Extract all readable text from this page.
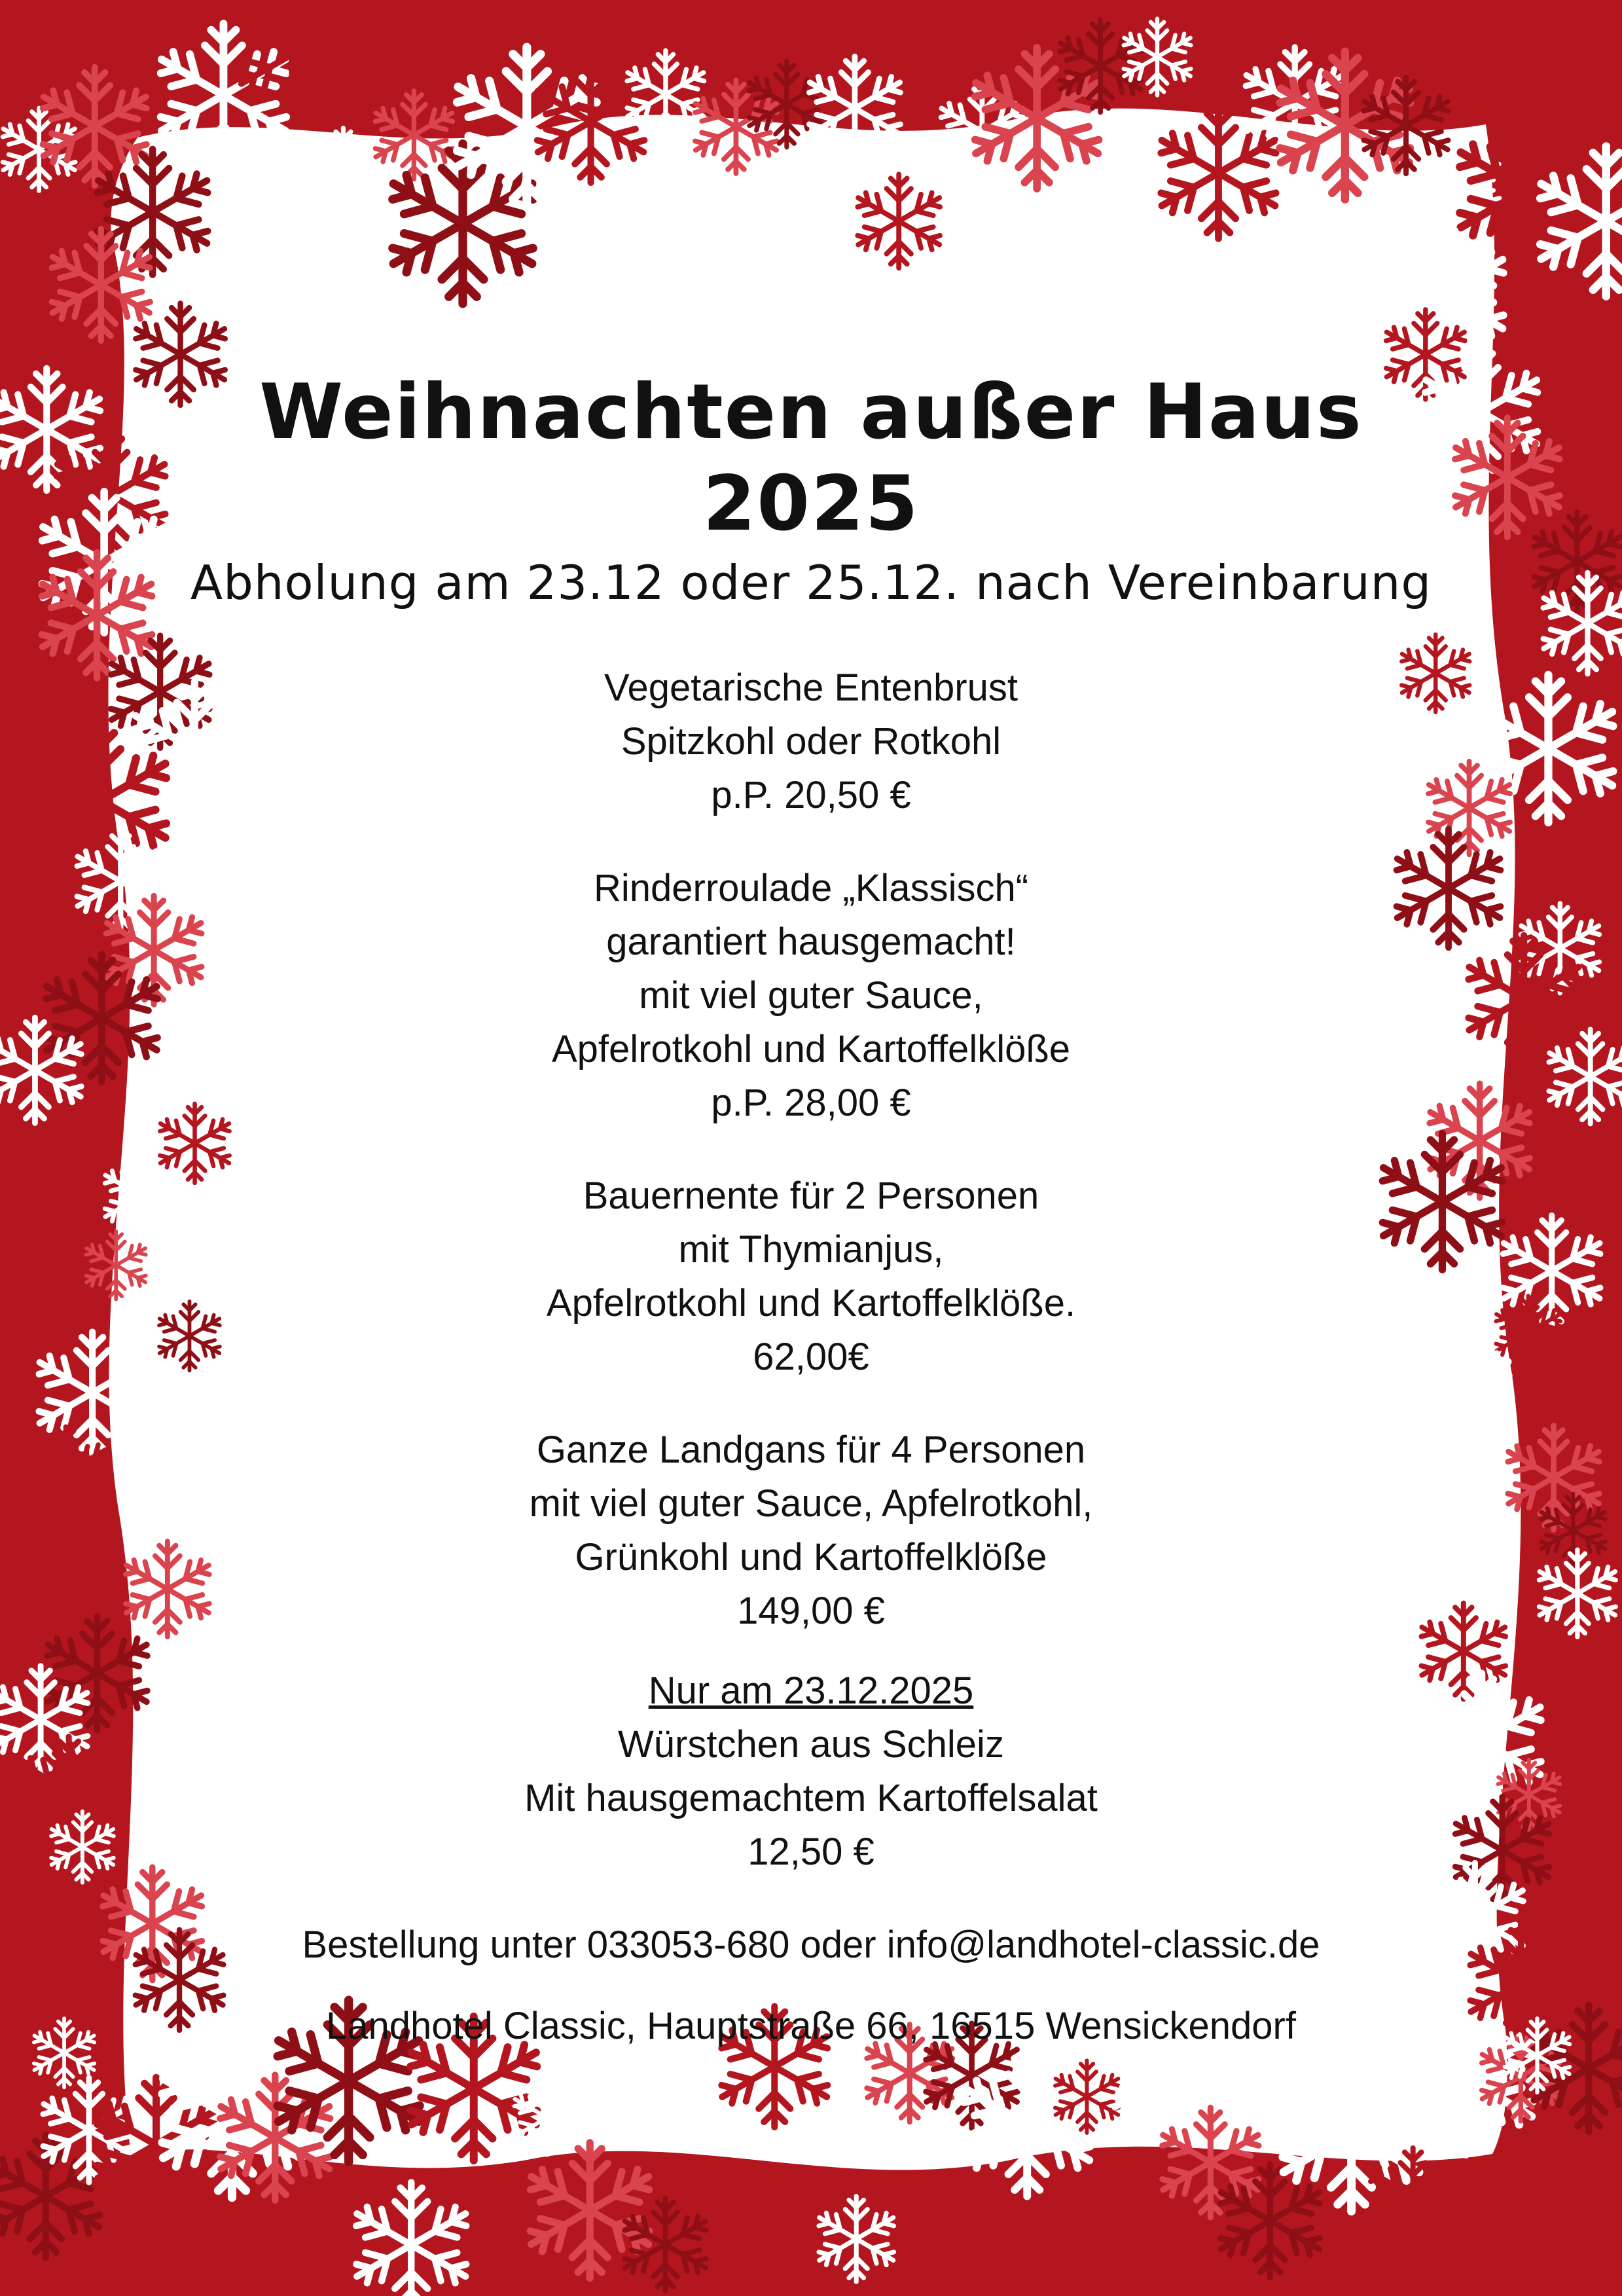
Weihnachten außer Haus 2025

Abholung am 23.12 oder 25.12. nach Vereinbarung

Vegetarische Entenbrust
Spitzkohl oder Rotkohl
p.P. 20,50 €

Rinderroulade „Klassisch“
garantiert hausgemacht!
mit viel guter Sauce,
Apfelrotkohl und Kartoffelklöße
p.P. 28,00 €

Bauernente für 2 Personen
mit Thymianjus,
Apfelrotkohl und Kartoffelklöße.
62,00€

Ganze Landgans für 4 Personen
mit viel guter Sauce, Apfelrotkohl,
Grünkohl und Kartoffelklöße
149,00 €

Nur am 23.12.2025
Würstchen aus Schleiz
Mit hausgemachtem Kartoffelsalat
12,50 €

Bestellung unter 033053-680 oder info@landhotel-classic.de

Landhotel Classic, Hauptstraße 66, 16515 Wensickendorf
